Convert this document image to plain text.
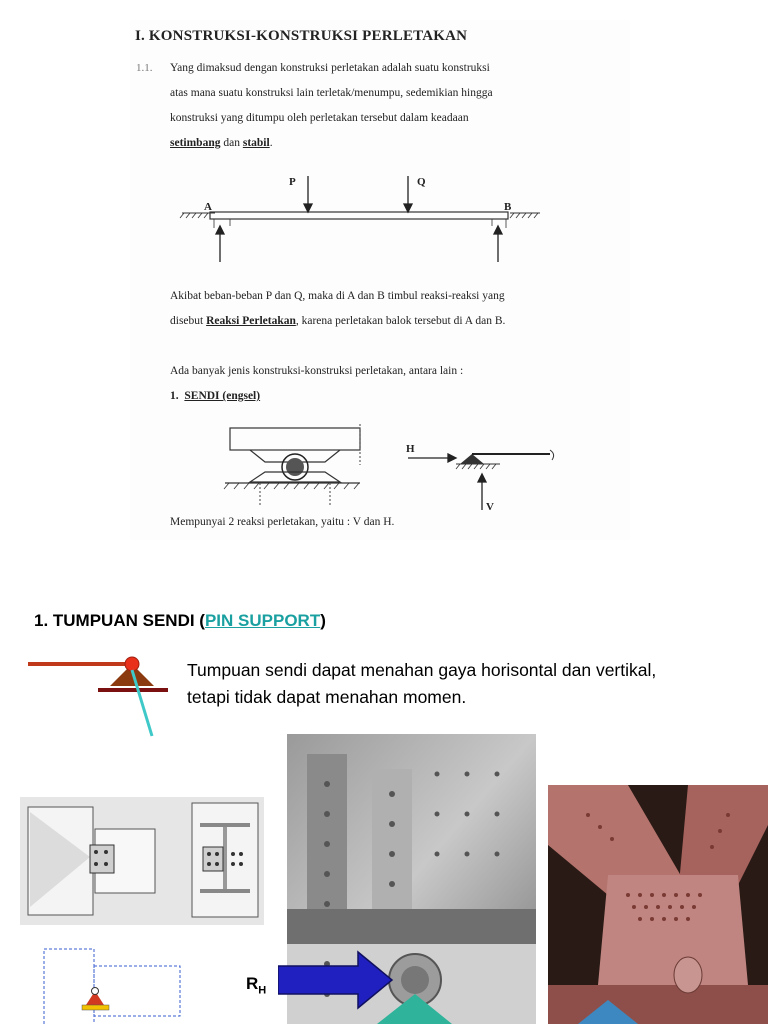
I. KONSTRUKSI-KONSTRUKSI PERLETAKAN
1.1. Yang dimaksud dengan konstruksi perletakan adalah suatu konstruksi
atas mana suatu konstruksi lain terletak/menumpu, sedemikian hingga
konstruksi yang ditumpu oleh perletakan tersebut dalam keadaan
setimbang dan stabil.
P	Q
A	B
Akibat beban-beban P dan Q, maka di A dan B timbul reaksi-reaksi yang
disebut Reaksi Perletakan, karena perletakan balok tersebut di A dan B.
Ada banyak jenis konstruksi-konstruksi perletakan, antara lain :
1. SENDI (engsel)
H
V
Mempunyai 2 reaksi perletakan, yaitu : V dan H.
1. TUMPUAN SENDI (PIN SUPPORT)
Tumpuan sendi dapat menahan gaya horisontal dan vertikal,
tetapi tidak dapat menahan momen.
$R_H$
